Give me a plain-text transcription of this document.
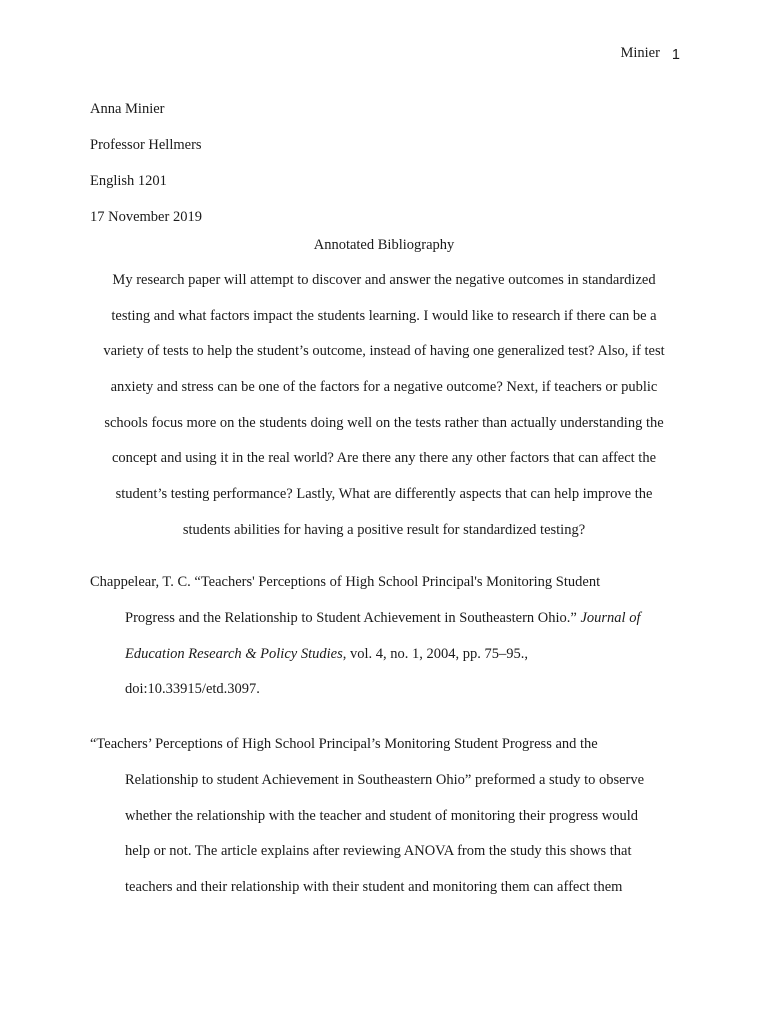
Minier 1
Anna Minier
Professor Hellmers
English 1201
17 November 2019
Annotated Bibliography
My research paper will attempt to discover and answer the negative outcomes in standardized
testing and what factors impact the students learning. I would like to research if there can be a
variety of tests to help the student’s outcome, instead of having one generalized test? Also, if test
anxiety and stress can be one of the factors for a negative outcome? Next, if teachers or public
schools focus more on the students doing well on the tests rather than actually understanding the
concept and using it in the real world? Are there any there any other factors that can affect the
student’s testing performance? Lastly, What are differently aspects that can help improve the
students abilities for having a positive result for standardized testing?
Chappelear, T. C. “Teachers' Perceptions of High School Principal's Monitoring Student
Progress and the Relationship to Student Achievement in Southeastern Ohio.” Journal of
Education Research & Policy Studies, vol. 4, no. 1, 2004, pp. 75–95.,
doi:10.33915/etd.3097.
“Teachers’ Perceptions of High School Principal’s Monitoring Student Progress and the
Relationship to student Achievement in Southeastern Ohio” preformed a study to observe
whether the relationship with the teacher and student of monitoring their progress would
help or not. The article explains after reviewing ANOVA from the study this shows that
teachers and their relationship with their student and monitoring them can affect them
